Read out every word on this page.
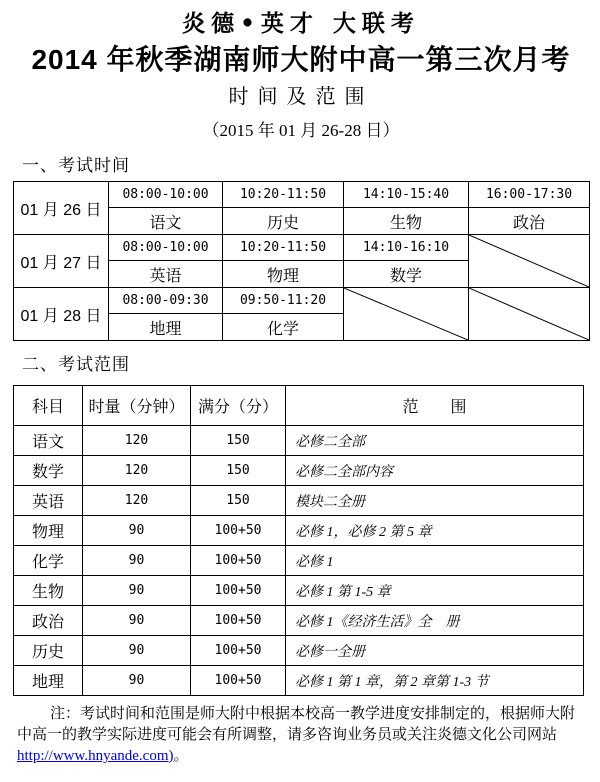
炎德•英才 大联考
2014 年秋季湖南师大附中高一第三次月考
时间及范围
（2015 年 01 月 26-28 日）
一、考试时间
01 月 26 日	08:00-10:00	10:20-11:50	14:10-15:40	16:00-17:30
	语文	历史	生物	政治
01 月 27 日	08:00-10:00	10:20-11:50	14:10-16:10	

	英语	物理	数学	
01 月 28 日	08:00-09:30	09:50-11:20	

	地理	化学		
二、考试范围
科目	时量（分钟）	满分（分）	范　　围
语文	120	150	必修二全部
数学	120	150	必修二全部内容
英语	120	150	模块二全册
物理	90	100+50	必修 1，必修 2 第 5 章
化学	90	100+50	必修 1
生物	90	100+50	必修 1 第 1-5 章
政治	90	100+50	必修 1《经济生活》全　册
历史	90	100+50	必修一全册
地理	90	100+50	必修 1 第 1 章，第 2 章第 1-3 节
注：考试时间和范围是师大附中根据本校高一教学进度安排制定的，根据师大附中高一的教学实际进度可能会有所调整，请多咨询业务员或关注炎德文化公司网站
http://www.hnyande.com)。
